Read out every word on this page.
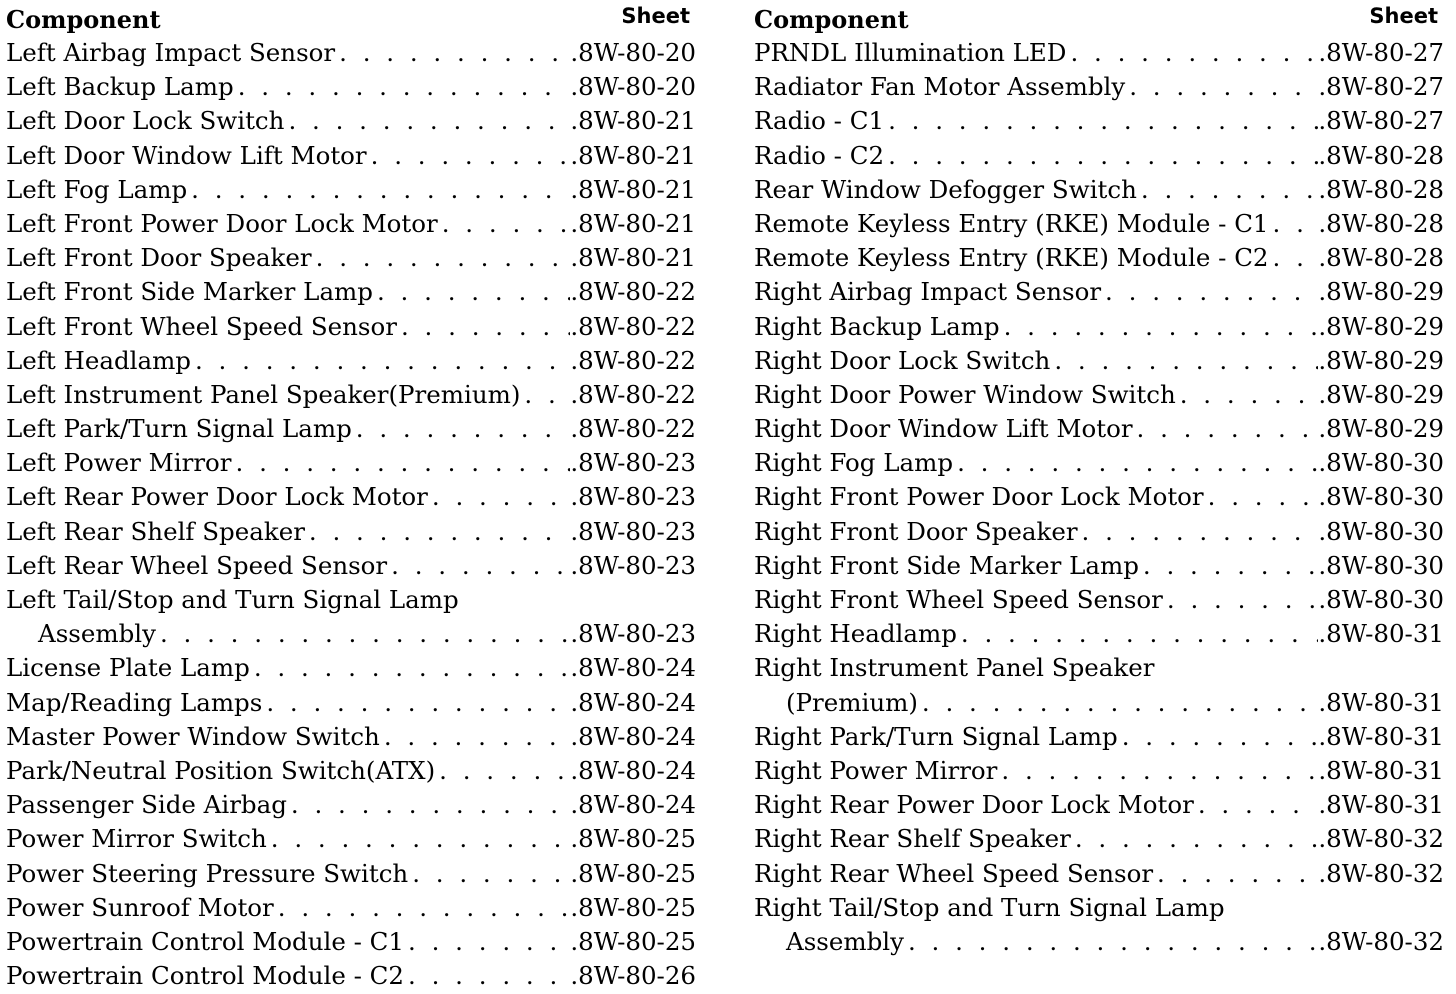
Component	Sheet
Left Airbag Impact Sensor . . .	.8W-80-20
Left Backup Lamp . . .	.8W-80-20
Left Door Lock Switch . . .	.8W-80-21
Left Door Window Lift Motor . . .	.8W-80-21
Left Fog Lamp . . .	.8W-80-21
Left Front Power Door Lock Motor . . .	.8W-80-21
Left Front Door Speaker . . .	.8W-80-21
Left Front Side Marker Lamp . . .	.8W-80-22
Left Front Wheel Speed Sensor . . .	.8W-80-22
Left Headlamp . . .	.8W-80-22
Left Instrument Panel Speaker(Premium) . . . .8W-80-22
Left Park/Turn Signal Lamp . . .	.8W-80-22
Left Power Mirror . . .	.8W-80-23
Left Rear Power Door Lock Motor . . .	.8W-80-23
Left Rear Shelf Speaker . . .	.8W-80-23
Left Rear Wheel Speed Sensor . . .	.8W-80-23
Left Tail/Stop and Turn Signal Lamp
Assembly . . .	.8W-80-23
License Plate Lamp . . .	.8W-80-24
Map/Reading Lamps . . .	.8W-80-24
Master Power Window Switch . . .	.8W-80-24
Park/Neutral Position Switch(ATX) . . .	.8W-80-24
Passenger Side Airbag . . .	.8W-80-24
Power Mirror Switch . . .	.8W-80-25
Power Steering Pressure Switch . . .	.8W-80-25
Power Sunroof Motor . . .	.8W-80-25
Powertrain Control Module - C1 . . .	.8W-80-25
Powertrain Control Module - C2 . . .	.8W-80-26
Component	Sheet
PRNDL Illumination LED . . .	.8W-80-27
Radiator Fan Motor Assembly . . .	.8W-80-27
Radio - C1 . . .	.8W-80-27
Radio - C2 . . .	.8W-80-28
Rear Window Defogger Switch . . .	.8W-80-28
Remote Keyless Entry (RKE) Module - C1 . . . .8W-80-28
Remote Keyless Entry (RKE) Module - C2 . . . .8W-80-28
Right Airbag Impact Sensor . . .	.8W-80-29
Right Backup Lamp . . .	.8W-80-29
Right Door Lock Switch . . .	.8W-80-29
Right Door Power Window Switch . . .	.8W-80-29
Right Door Window Lift Motor . . .	.8W-80-29
Right Fog Lamp . . .	.8W-80-30
Right Front Power Door Lock Motor . . .	.8W-80-30
Right Front Door Speaker . . .	.8W-80-30
Right Front Side Marker Lamp . . .	.8W-80-30
Right Front Wheel Speed Sensor . . .	.8W-80-30
Right Headlamp . . .	.8W-80-31
Right Instrument Panel Speaker
(Premium) . . .	.8W-80-31
Right Park/Turn Signal Lamp . . .	.8W-80-31
Right Power Mirror . . .	.8W-80-31
Right Rear Power Door Lock Motor . . .	.8W-80-31
Right Rear Shelf Speaker . . .	.8W-80-32
Right Rear Wheel Speed Sensor . . .	.8W-80-32
Right Tail/Stop and Turn Signal Lamp
Assembly . . .	.8W-80-32
